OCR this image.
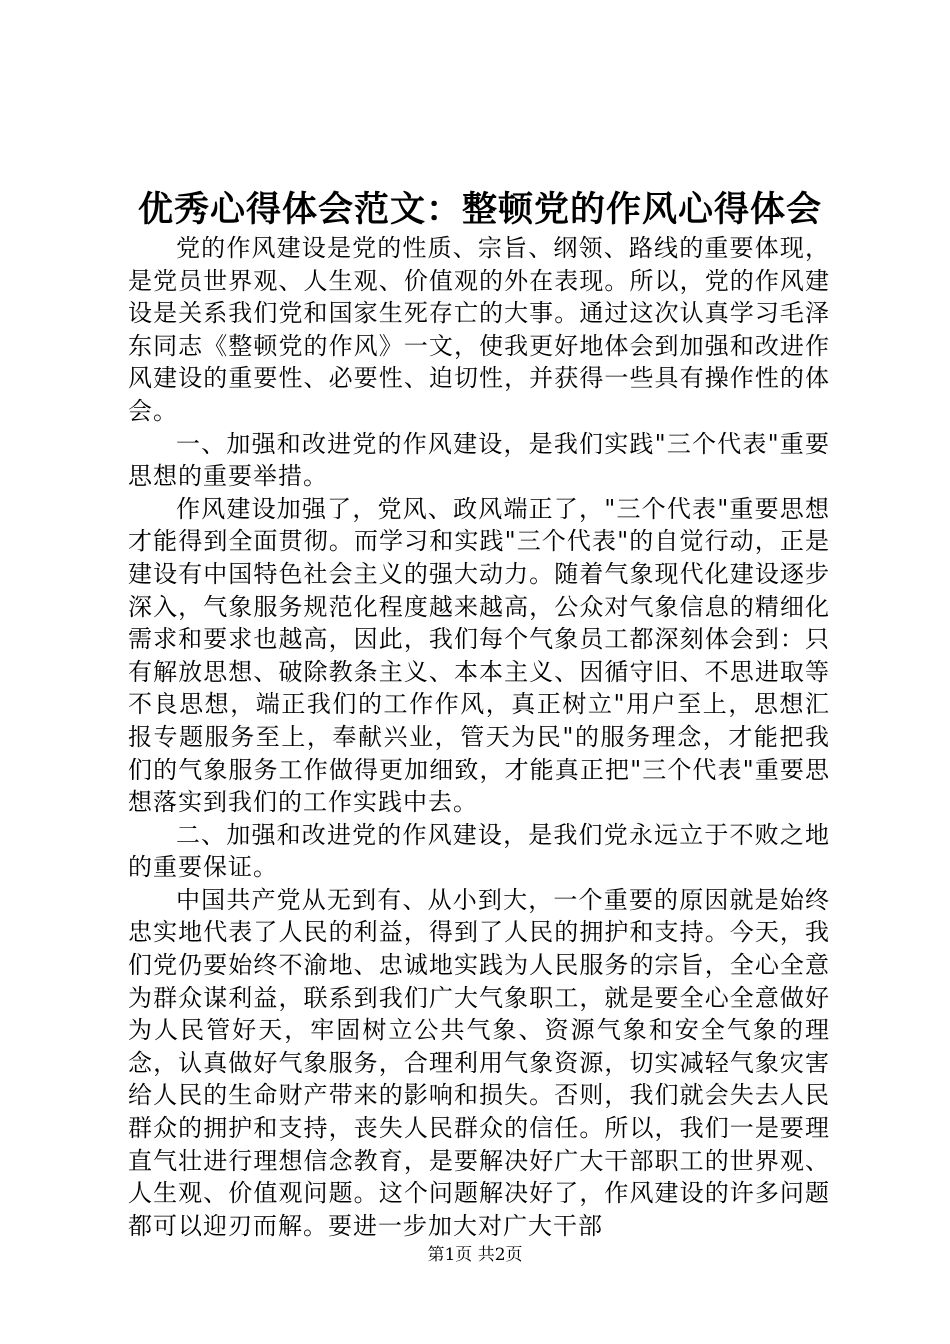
优秀心得体会范文：整顿党的作风心得体会

党的作风建设是党的性质、宗旨、纲领、路线的重要体现，是党员世界观、人生观、价值观的外在表现。所以，党的作风建设是关系我们党和国家生死存亡的大事。通过这次认真学习毛泽东同志《整顿党的作风》一文，使我更好地体会到加强和改进作风建设的重要性、必要性、迫切性，并获得一些具有操作性的体会。

一、加强和改进党的作风建设，是我们实践"三个代表"重要思想的重要举措。

作风建设加强了，党风、政风端正了，"三个代表"重要思想才能得到全面贯彻。而学习和实践"三个代表"的自觉行动，正是建设有中国特色社会主义的强大动力。随着气象现代化建设逐步深入，气象服务规范化程度越来越高，公众对气象信息的精细化需求和要求也越高，因此，我们每个气象员工都深刻体会到：只有解放思想、破除教条主义、本本主义、因循守旧、不思进取等不良思想，端正我们的工作作风，真正树立"用户至上，思想汇报专题服务至上，奉献兴业，管天为民"的服务理念，才能把我们的气象服务工作做得更加细致，才能真正把"三个代表"重要思想落实到我们的工作实践中去。

二、加强和改进党的作风建设，是我们党永远立于不败之地的重要保证。

中国共产党从无到有、从小到大，一个重要的原因就是始终忠实地代表了人民的利益，得到了人民的拥护和支持。今天，我们党仍要始终不渝地、忠诚地实践为人民服务的宗旨，全心全意为群众谋利益，联系到我们广大气象职工，就是要全心全意做好为人民管好天，牢固树立公共气象、资源气象和安全气象的理念，认真做好气象服务，合理利用气象资源，切实减轻气象灾害给人民的生命财产带来的影响和损失。否则，我们就会失去人民群众的拥护和支持，丧失人民群众的信任。所以，我们一是要理直气壮进行理想信念教育，是要解决好广大干部职工的世界观、人生观、价值观问题。这个问题解决好了，作风建设的许多问题都可以迎刃而解。要进一步加大对广大干部

第1页 共2页
